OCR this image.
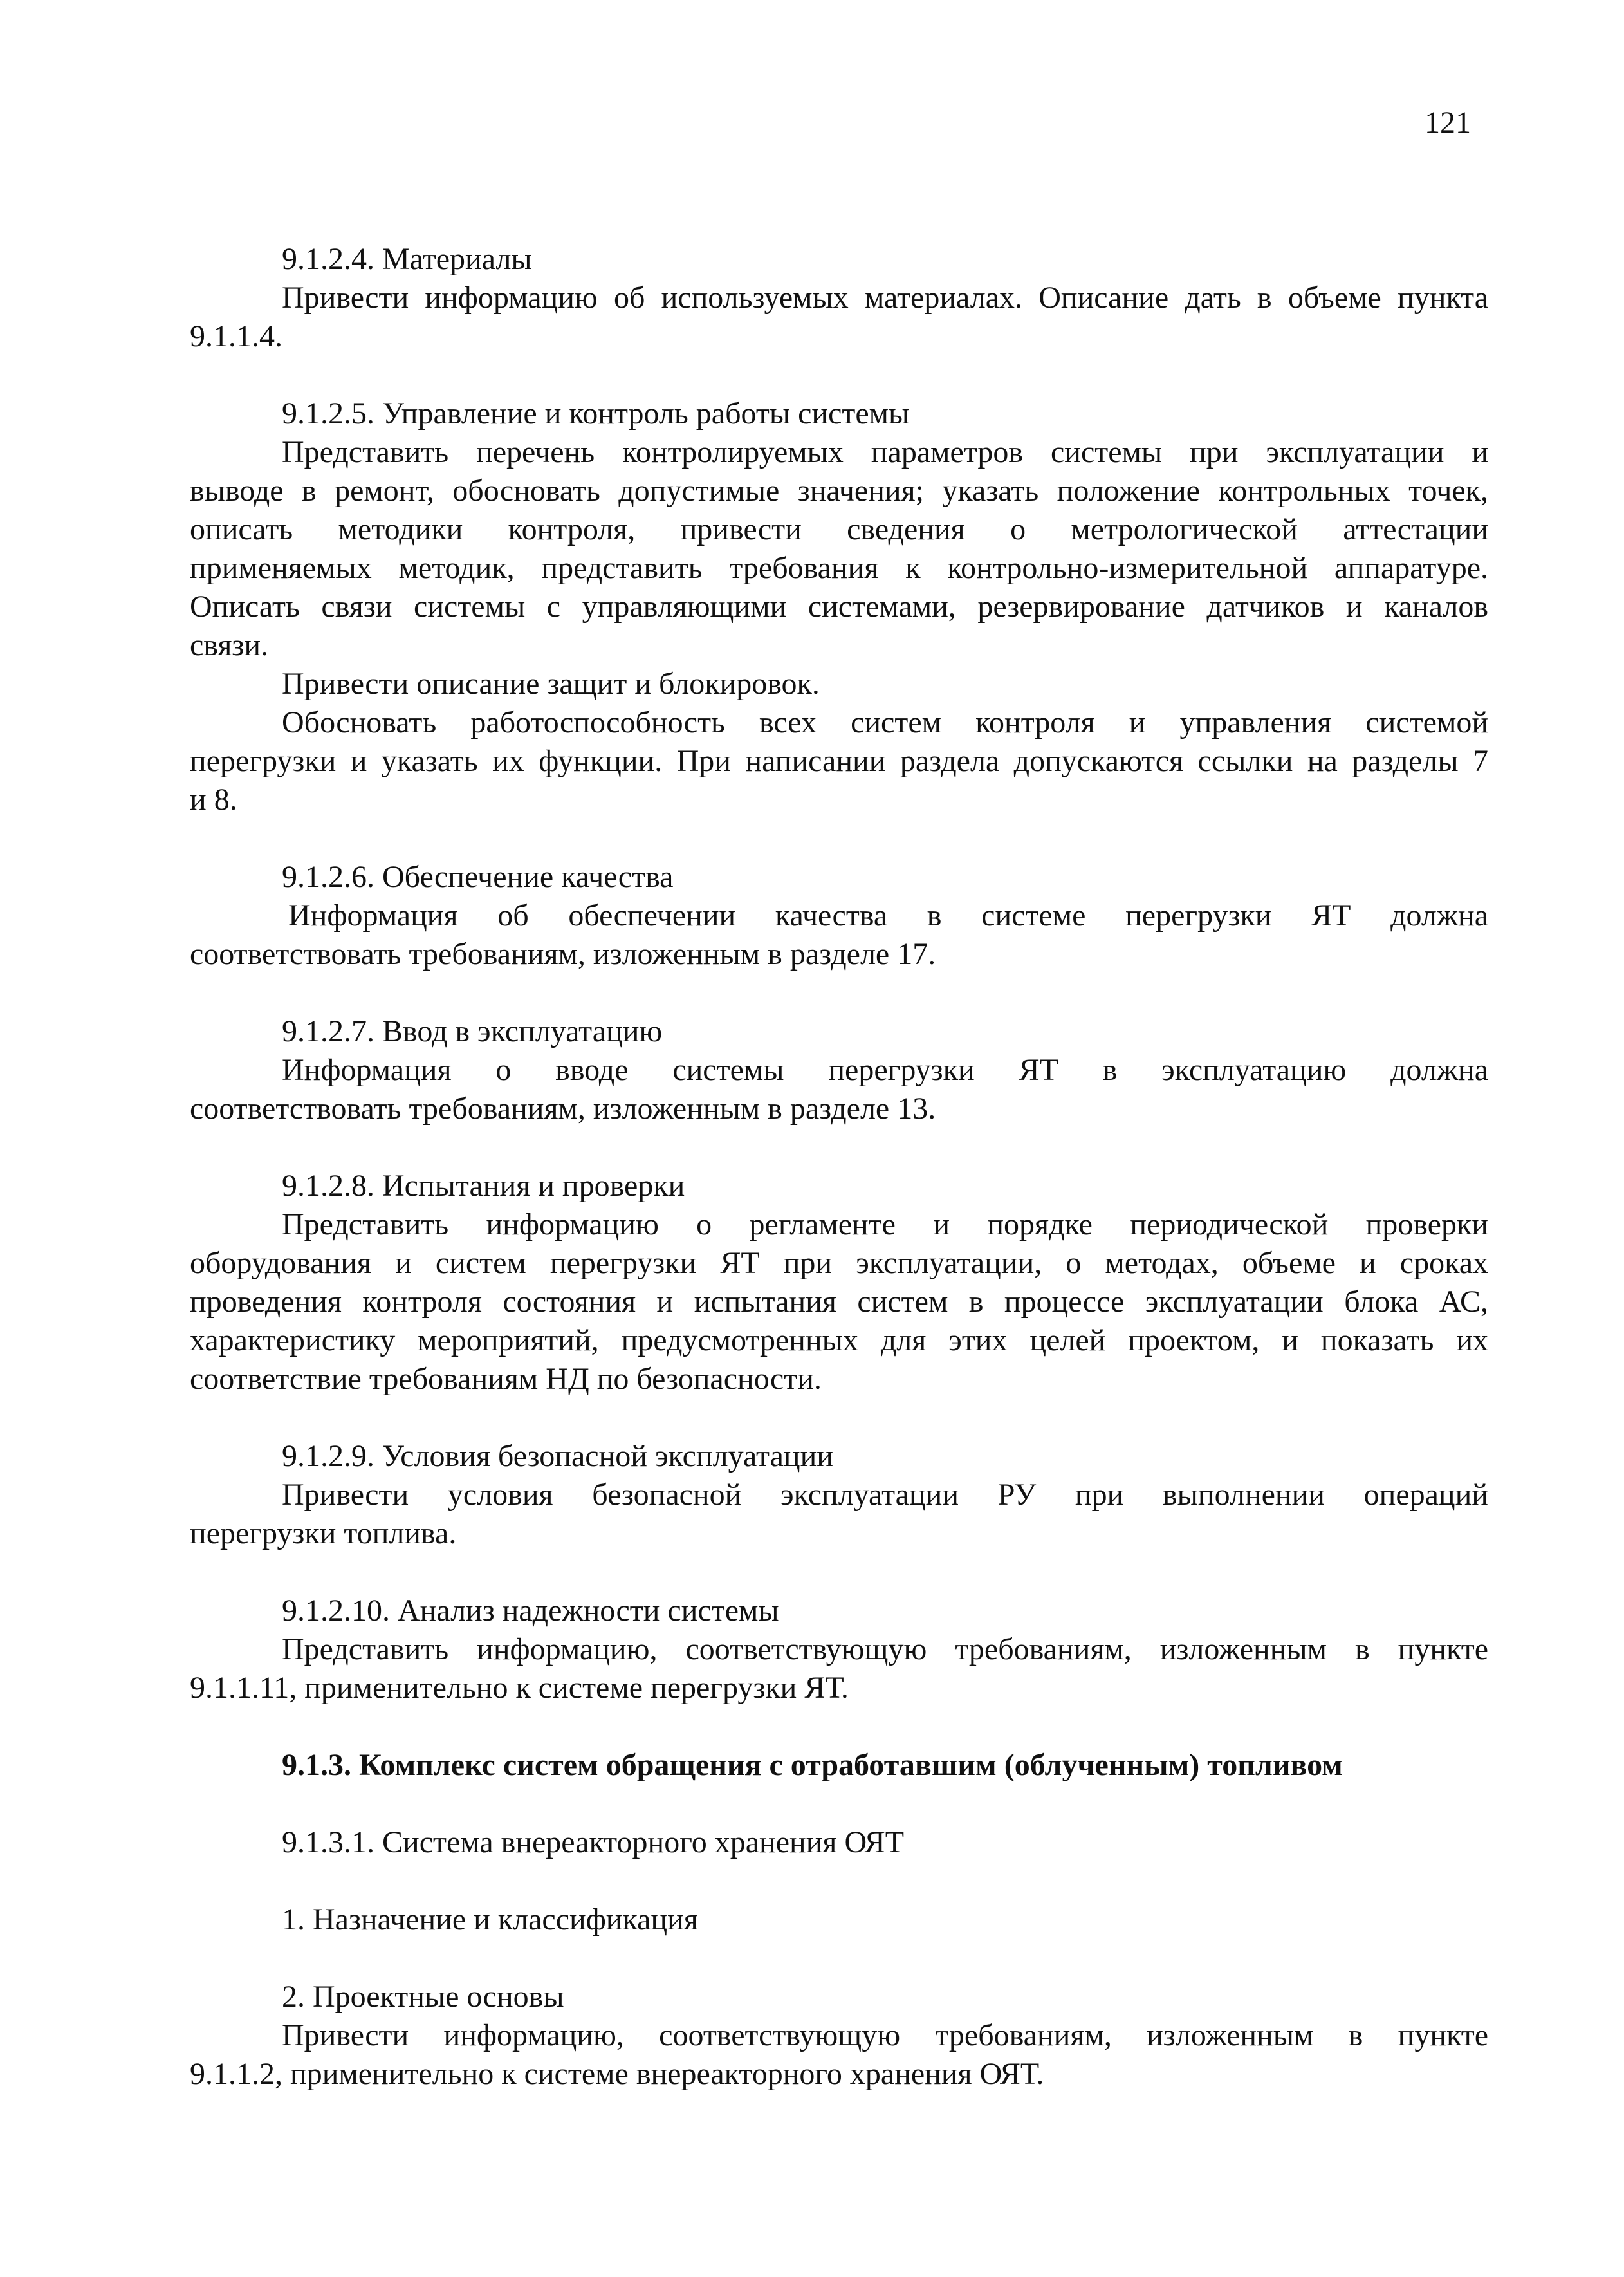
121
9.1.2.4. Материалы
Привести информацию об используемых материалах. Описание дать в объеме пункта
9.1.1.4.
9.1.2.5. Управление и контроль работы системы
Представить перечень контролируемых параметров системы при эксплуатации и
выводе в ремонт, обосновать допустимые значения; указать положение контрольных точек,
описать методики контроля, привести сведения о метрологической аттестации
применяемых методик, представить требования к контрольно-измерительной аппаратуре.
Описать связи системы с управляющими системами, резервирование датчиков и каналов
связи.
Привести описание защит и блокировок.
Обосновать работоспособность всех систем контроля и управления системой
перегрузки и указать их функции. При написании раздела допускаются ссылки на разделы 7
и 8.
9.1.2.6. Обеспечение качества
Информация об обеспечении качества в системе перегрузки ЯТ должна
соответствовать требованиям, изложенным в разделе 17.
9.1.2.7. Ввод в эксплуатацию
Информация о вводе системы перегрузки ЯТ в эксплуатацию должна
соответствовать требованиям, изложенным в разделе 13.
9.1.2.8. Испытания и проверки
Представить информацию о регламенте и порядке периодической проверки
оборудования и систем перегрузки ЯТ при эксплуатации, о методах, объеме и сроках
проведения контроля состояния и испытания систем в процессе эксплуатации блока АС,
характеристику мероприятий, предусмотренных для этих целей проектом, и показать их
соответствие требованиям НД по безопасности.
9.1.2.9. Условия безопасной эксплуатации
Привести условия безопасной эксплуатации РУ при выполнении операций
перегрузки топлива.
9.1.2.10. Анализ надежности системы
Представить информацию, соответствующую требованиям, изложенным в пункте
9.1.1.11, применительно к системе перегрузки ЯТ.
9.1.3. Комплекс систем обращения с отработавшим (облученным) топливом
9.1.3.1. Система внереакторного хранения ОЯТ
1. Назначение и классификация
2. Проектные основы
Привести информацию, соответствующую требованиям, изложенным в пункте
9.1.1.2, применительно к системе внереакторного хранения ОЯТ.
